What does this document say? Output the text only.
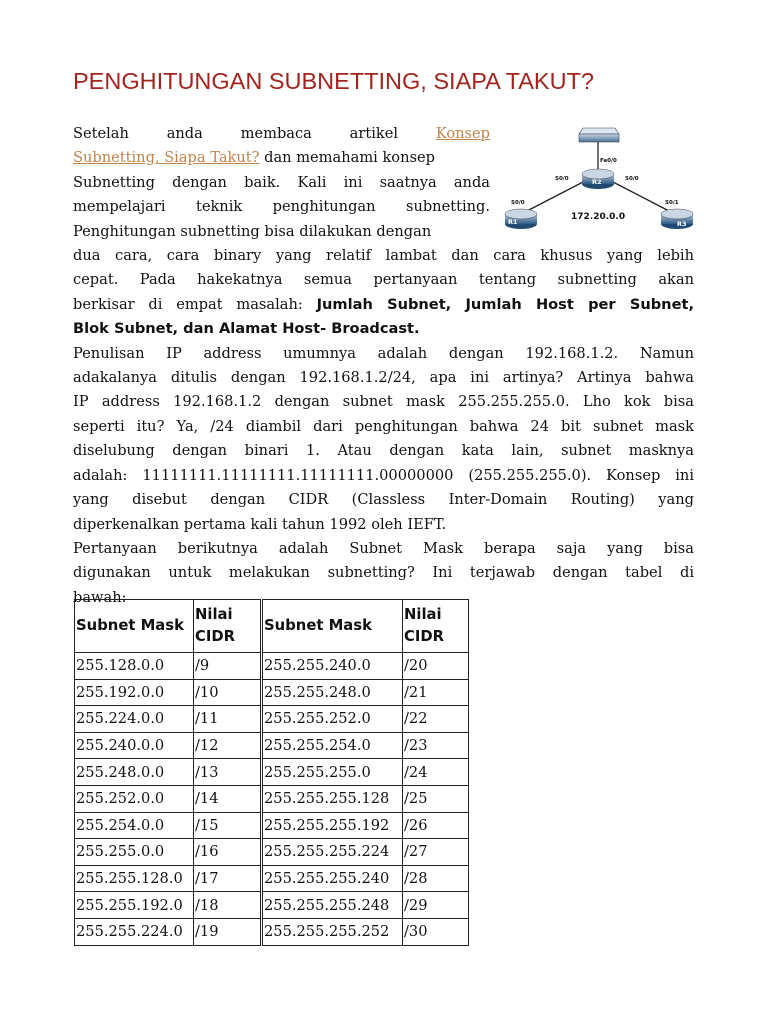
PENGHITUNGAN SUBNETTING, SIAPA TAKUT?
R2
R1	R3
Fa0/0
S0/0	S0/0
S0/0	S0/1
172.20.0.0
Setelah anda membaca artikel Konsep
Subnetting, Siapa Takut? dan memahami konsep
Subnetting dengan baik. Kali ini saatnya anda
mempelajari teknik penghitungan subnetting.
Penghitungan subnetting bisa dilakukan dengan
dua cara, cara binary yang relatif lambat dan cara khusus yang lebih
cepat. Pada hakekatnya semua pertanyaan tentang subnetting akan
berkisar di empat masalah: Jumlah Subnet, Jumlah Host per Subnet,
Blok Subnet, dan Alamat Host- Broadcast.
Penulisan IP address umumnya adalah dengan 192.168.1.2. Namun
adakalanya ditulis dengan 192.168.1.2/24, apa ini artinya? Artinya bahwa
IP address 192.168.1.2 dengan subnet mask 255.255.255.0. Lho kok bisa
seperti itu? Ya, /24 diambil dari penghitungan bahwa 24 bit subnet mask
diselubung dengan binari 1. Atau dengan kata lain, subnet masknya
adalah: 11111111.11111111.11111111.00000000 (255.255.255.0). Konsep ini
yang disebut dengan CIDR (Classless Inter-Domain Routing) yang
diperkenalkan pertama kali tahun 1992 oleh IEFT.
Pertanyaan berikutnya adalah Subnet Mask berapa saja yang bisa
digunakan untuk melakukan subnetting? Ini terjawab dengan tabel di
bawah:
Subnet Mask	Nilai
CIDR
255.128.0.0	/9
255.192.0.0	/10
255.224.0.0	/11
255.240.0.0	/12
255.248.0.0	/13
255.252.0.0	/14
255.254.0.0	/15
255.255.0.0	/16
255.255.128.0	/17
255.255.192.0	/18
255.255.224.0	/19
Subnet Mask	Nilai
CIDR
255.255.240.0	/20
255.255.248.0	/21
255.255.252.0	/22
255.255.254.0	/23
255.255.255.0	/24
255.255.255.128	/25
255.255.255.192	/26
255.255.255.224	/27
255.255.255.240	/28
255.255.255.248	/29
255.255.255.252	/30
